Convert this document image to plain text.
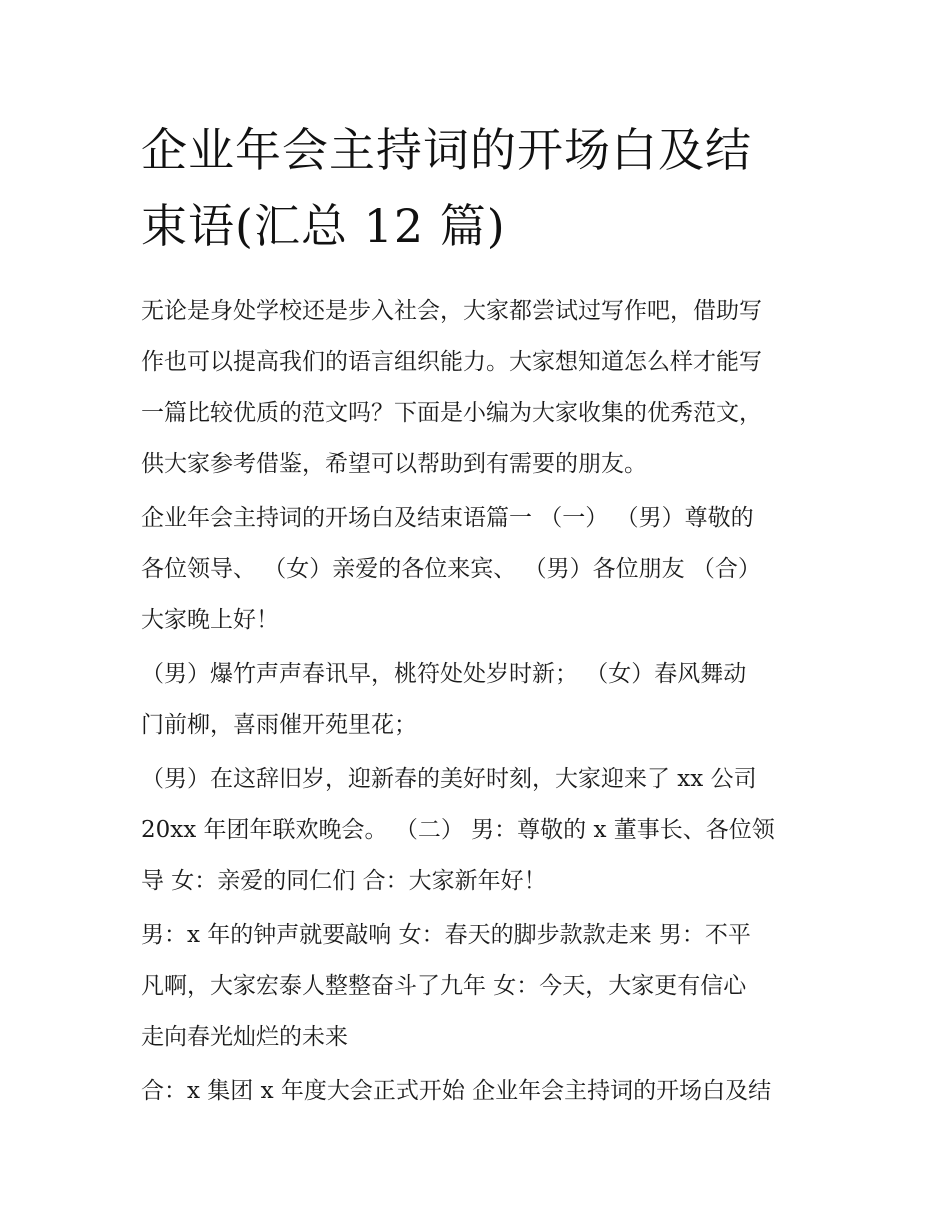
企业年会主持词的开场白及结
束语(汇总 12 篇)

无论是身处学校还是步入社会，大家都尝试过写作吧，借助写
作也可以提高我们的语言组织能力。大家想知道怎么样才能写
一篇比较优质的范文吗？下面是小编为大家收集的优秀范文，
供大家参考借鉴，希望可以帮助到有需要的朋友。

企业年会主持词的开场白及结束语篇一 （一） （男）尊敬的
各位领导、 （女）亲爱的各位来宾、 （男）各位朋友 （合）
大家晚上好！

（男）爆竹声声春讯早，桃符处处岁时新； （女）春风舞动
门前柳，喜雨催开苑里花；

（男）在这辞旧岁，迎新春的美好时刻，大家迎来了 xx 公司
20xx 年团年联欢晚会。 （二） 男：尊敬的 x 董事长、各位领
导 女：亲爱的同仁们 合：大家新年好！

男：x 年的钟声就要敲响 女：春天的脚步款款走来 男：不平
凡啊，大家宏泰人整整奋斗了九年 女：今天，大家更有信心
走向春光灿烂的未来

合：x 集团 x 年度大会正式开始 企业年会主持词的开场白及结
